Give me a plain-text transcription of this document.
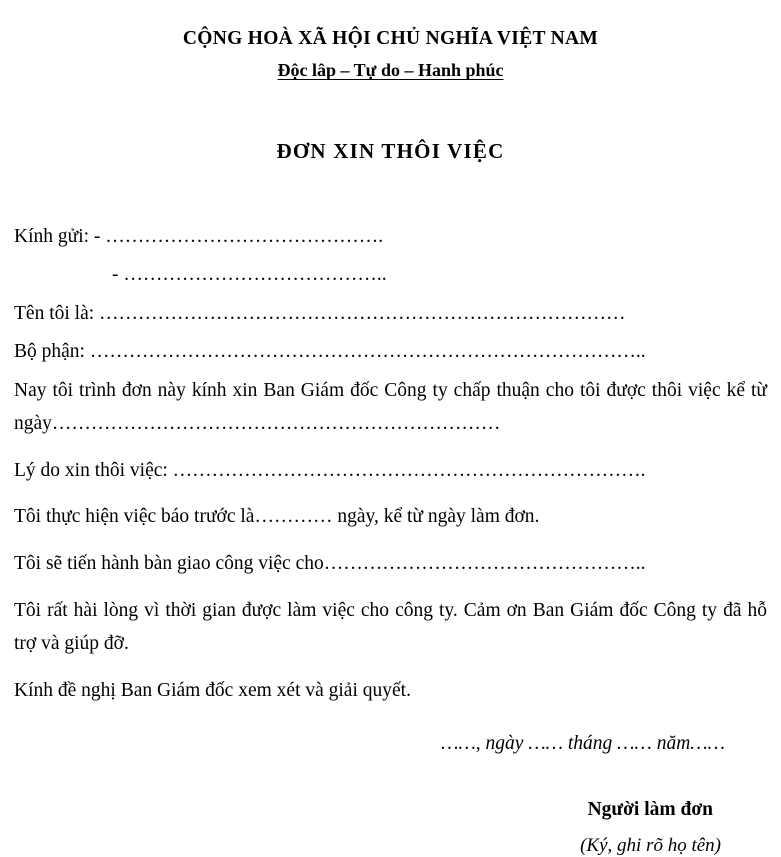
CỘNG HOÀ XÃ HỘI CHỦ NGHĨA VIỆT NAM
Độc lâp – Tự do – Hanh phúc
ĐƠN XIN THÔI VIỆC
Kính gửi: - …………………………………….
- …………………………………..
Tên tôi là: ………………………………………………………………………
Bộ phận: …………………………………………………………………………..
Nay tôi trình đơn này kính xin Ban Giám đốc Công ty chấp thuận cho tôi được thôi việc kể từ ngày……………………………………………………………
Lý do xin thôi việc: ……………………………………………………………….
Tôi thực hiện việc báo trước là………… ngày, kể từ ngày làm đơn.
Tôi sẽ tiến hành bàn giao công việc cho…………………………………………..
Tôi rất hài lòng vì thời gian được làm việc cho công ty. Cảm ơn Ban Giám đốc Công ty đã hỗ trợ và giúp đỡ.
Kính đề nghị Ban Giám đốc xem xét và giải quyết.
……, ngày …… tháng …… năm……
Người làm đơn
(Ký, ghi rõ họ tên)
